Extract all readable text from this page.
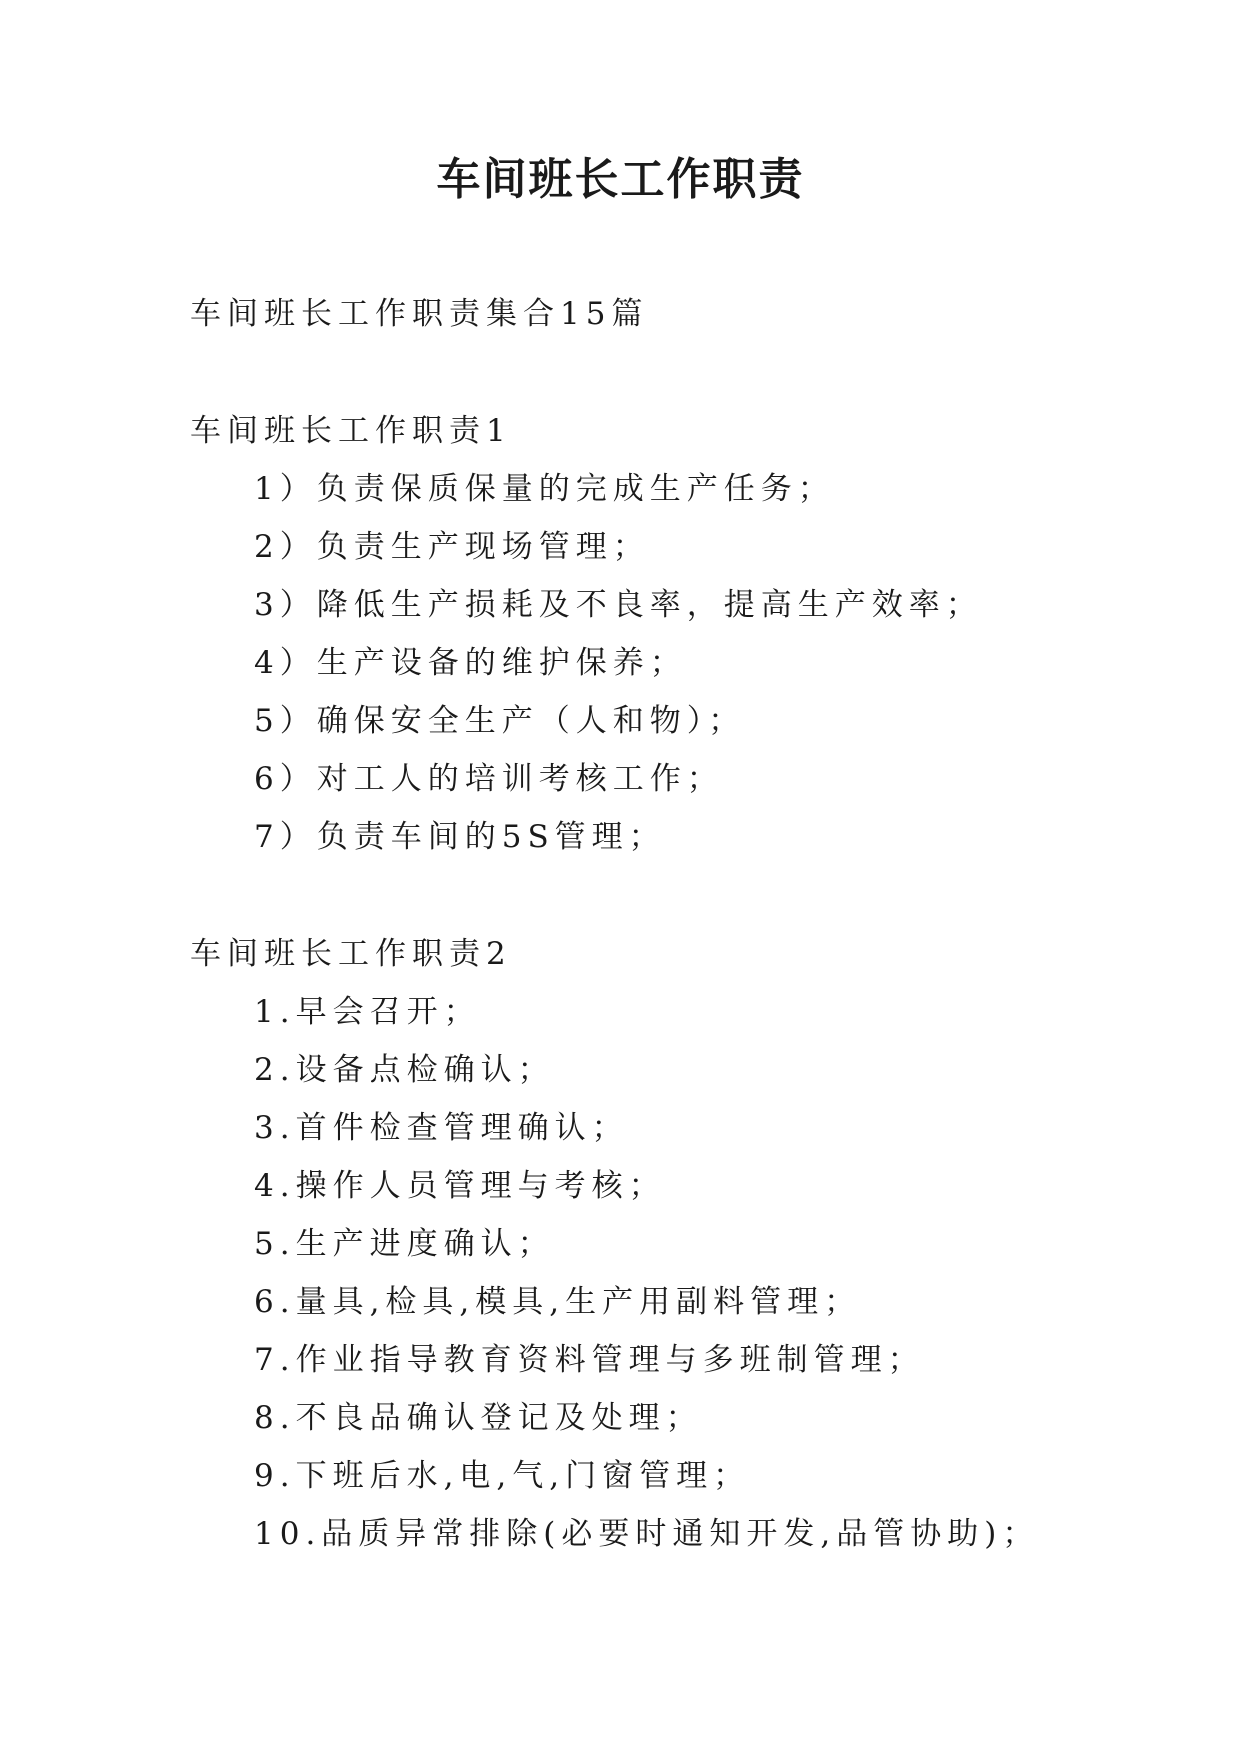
车间班长工作职责
车间班长工作职责集合15篇
车间班长工作职责1
1）负责保质保量的完成生产任务；
2）负责生产现场管理；
3）降低生产损耗及不良率，提高生产效率；
4）生产设备的维护保养；
5）确保安全生产（人和物）；
6）对工人的培训考核工作；
7）负责车间的5S管理；
车间班长工作职责2
1.早会召开；
2.设备点检确认；
3.首件检查管理确认；
4.操作人员管理与考核；
5.生产进度确认；
6.量具,检具,模具,生产用副料管理；
7.作业指导教育资料管理与多班制管理；
8.不良品确认登记及处理；
9.下班后水,电,气,门窗管理；
10.品质异常排除(必要时通知开发,品管协助)；
